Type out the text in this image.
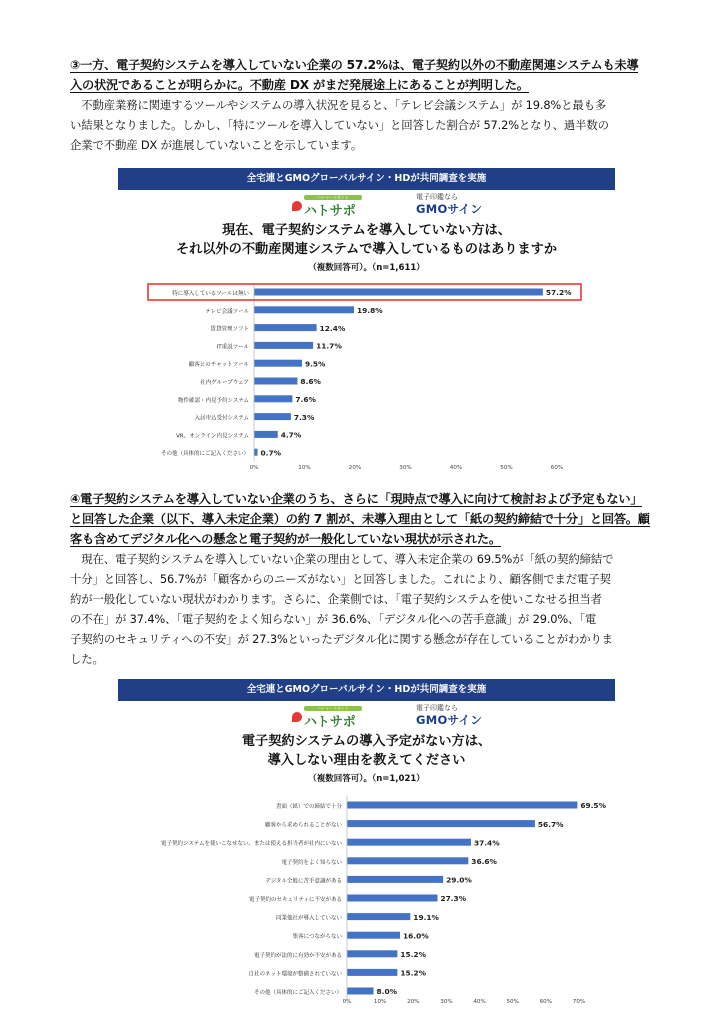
③一方、電子契約システムを導入していない企業の 57.2%は、電子契約以外の不動産関連システムも未導
入の状況であることが明らかに。不動産 DX がまだ発展途上にあることが判明した。
　不動産業務に関連するツールやシステムの導入状況を見ると、「テレビ会議システム」が 19.8%と最も多
い結果となりました。しかし、「特にツールを導入していない」と回答した割合が 57.2%となり、過半数の
企業で不動産 DX が進展していないことを示しています。
全宅連とGMOグローバルサイン・HDが共同調査を実施
ハトマークサイト
ハトサポ
電子印鑑なら
GMOサイン
現在、電子契約システムを導入していない方は、
それ以外の不動産関連システムで導入しているものはありますか
（複数回答可）。（n=1,611）
特に導入しているツールは無い	57.2%
テレビ会議ツール	19.8%
賃貸管理ソフト	12.4%
IT重説ツール	11.7%
顧客とのチャットツール	9.5%
社内グループウェア	8.6%
物件確認・内見予約システム	7.6%
入居申込受付システム	7.3%
VR、オンライン内見システム	4.7%
その他（具体的にご記入ください） 0.7%
0%	10%	20%	30%	40%	50%	60%
④電子契約システムを導入していない企業のうち、さらに「現時点で導入に向けて検討および予定もない」
と回答した企業（以下、導入未定企業）の約 7 割が、未導入理由として「紙の契約締結で十分」と回答。顧
客も含めてデジタル化への懸念と電子契約が一般化していない現状が示された。
　現在、電子契約システムを導入していない企業の理由として、導入未定企業の 69.5%が「紙の契約締結で
十分」と回答し、56.7%が「顧客からのニーズがない」と回答しました。これにより、顧客側でまだ電子契
約が一般化していない現状がわかります。さらに、企業側では、「電子契約システムを使いこなせる担当者
の不在」が 37.4%、「電子契約をよく知らない」が 36.6%、「デジタル化への苦手意識」が 29.0%、「電
子契約のセキュリティへの不安」が 27.3%といったデジタル化に関する懸念が存在していることがわかりま
した。
全宅連とGMOグローバルサイン・HDが共同調査を実施
ハトマークサイト
ハトサポ
電子印鑑なら
GMOサイン
電子契約システムの導入予定がない方は、
導入しない理由を教えてください
（複数回答可）。（n=1,021）
書面（紙）での締結で十分	69.5%
顧客から求められることがない	56.7%
電子契約システムを使いこなせない、または使える担当者が社内にいない	37.4%
電子契約をよく知らない	36.6%
デジタル全般に苦手意識がある	29.0%
電子契約のセキュリティに不安がある	27.3%
同業他社が導入していない	19.1%
集客につながらない	16.0%
電子契約が法的に有効か不安がある	15.2%
自社のネット環境が整備されていない	15.2%
その他（具体的にご記入ください）	8.0%
0%	10%	20%	30%	40%	50%	60%	70%
